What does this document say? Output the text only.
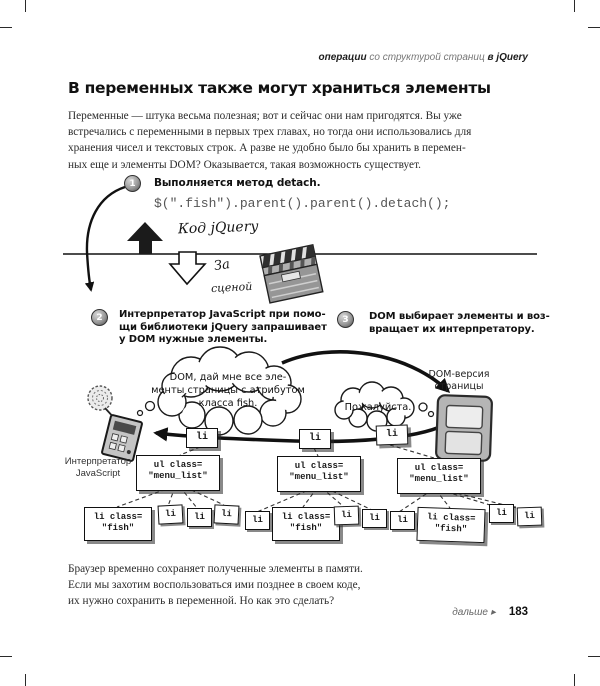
операции со структурой страниц в jQuery
В переменных также могут храниться элементы
Переменные — штука весьма полезная; вот и сейчас они нам пригодятся. Вы уже
встречались с переменными в первых трех главах, но тогда они использовались для
хранения чисел и текстовых строк. А разве не удобно было бы хранить в перемен-
ных еще и элементы DOM? Оказывается, такая возможность существует.
1	Выполняется метод detach.
$(".fish").parent().parent().detach();
Код jQuery
За
сценой
2	Интерпретатор JavaScript при помо-
щи библиотеки jQuery запрашивает
у DOM нужные элементы.
3	DOM выбирает элементы и воз-
вращает их интерпретатору.
DOM, дай мне все эле-
менты страницы с атрибутом
класса fish.	Пожалуйста.
DOM-версия
страницы
Интерпретатор
JavaScript
li	li	li
ul class=
"menu_list"
ul class=
"menu_list"
ul class=
"menu_list"
li class=
"fish"
li	li	li
li	li class=
"fish"
li	li	li	li class=
"fish"
li	li
Браузер временно сохраняет полученные элементы в памяти.
Если мы захотим воспользоваться ими позднее в своем коде,
их нужно сохранить в переменной. Но как это сделать?
дальше ▸ 183
